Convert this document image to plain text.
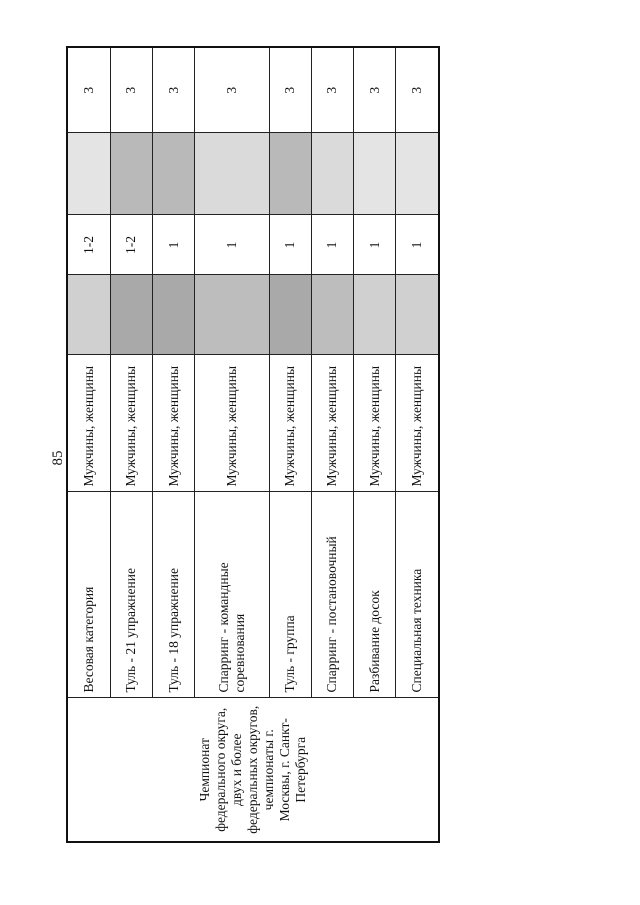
85
Чемпионат федерального округа, двух и более федеральных округов, чемпионаты г. Москвы, г. Санкт-Петербурга	Весовая категория	Мужчины, женщины		1-2		3
	Туль - 21 упражнение	Мужчины, женщины		1-2		3
	Туль - 18 упражнение	Мужчины, женщины		1		3
	Спарринг - командные соревнования	Мужчины, женщины		1		3
	Туль - группа	Мужчины, женщины		1		3
	Спарринг - постановочный	Мужчины, женщины		1		3
	Разбивание досок	Мужчины, женщины		1		3
	Специальная техника	Мужчины, женщины		1		3
